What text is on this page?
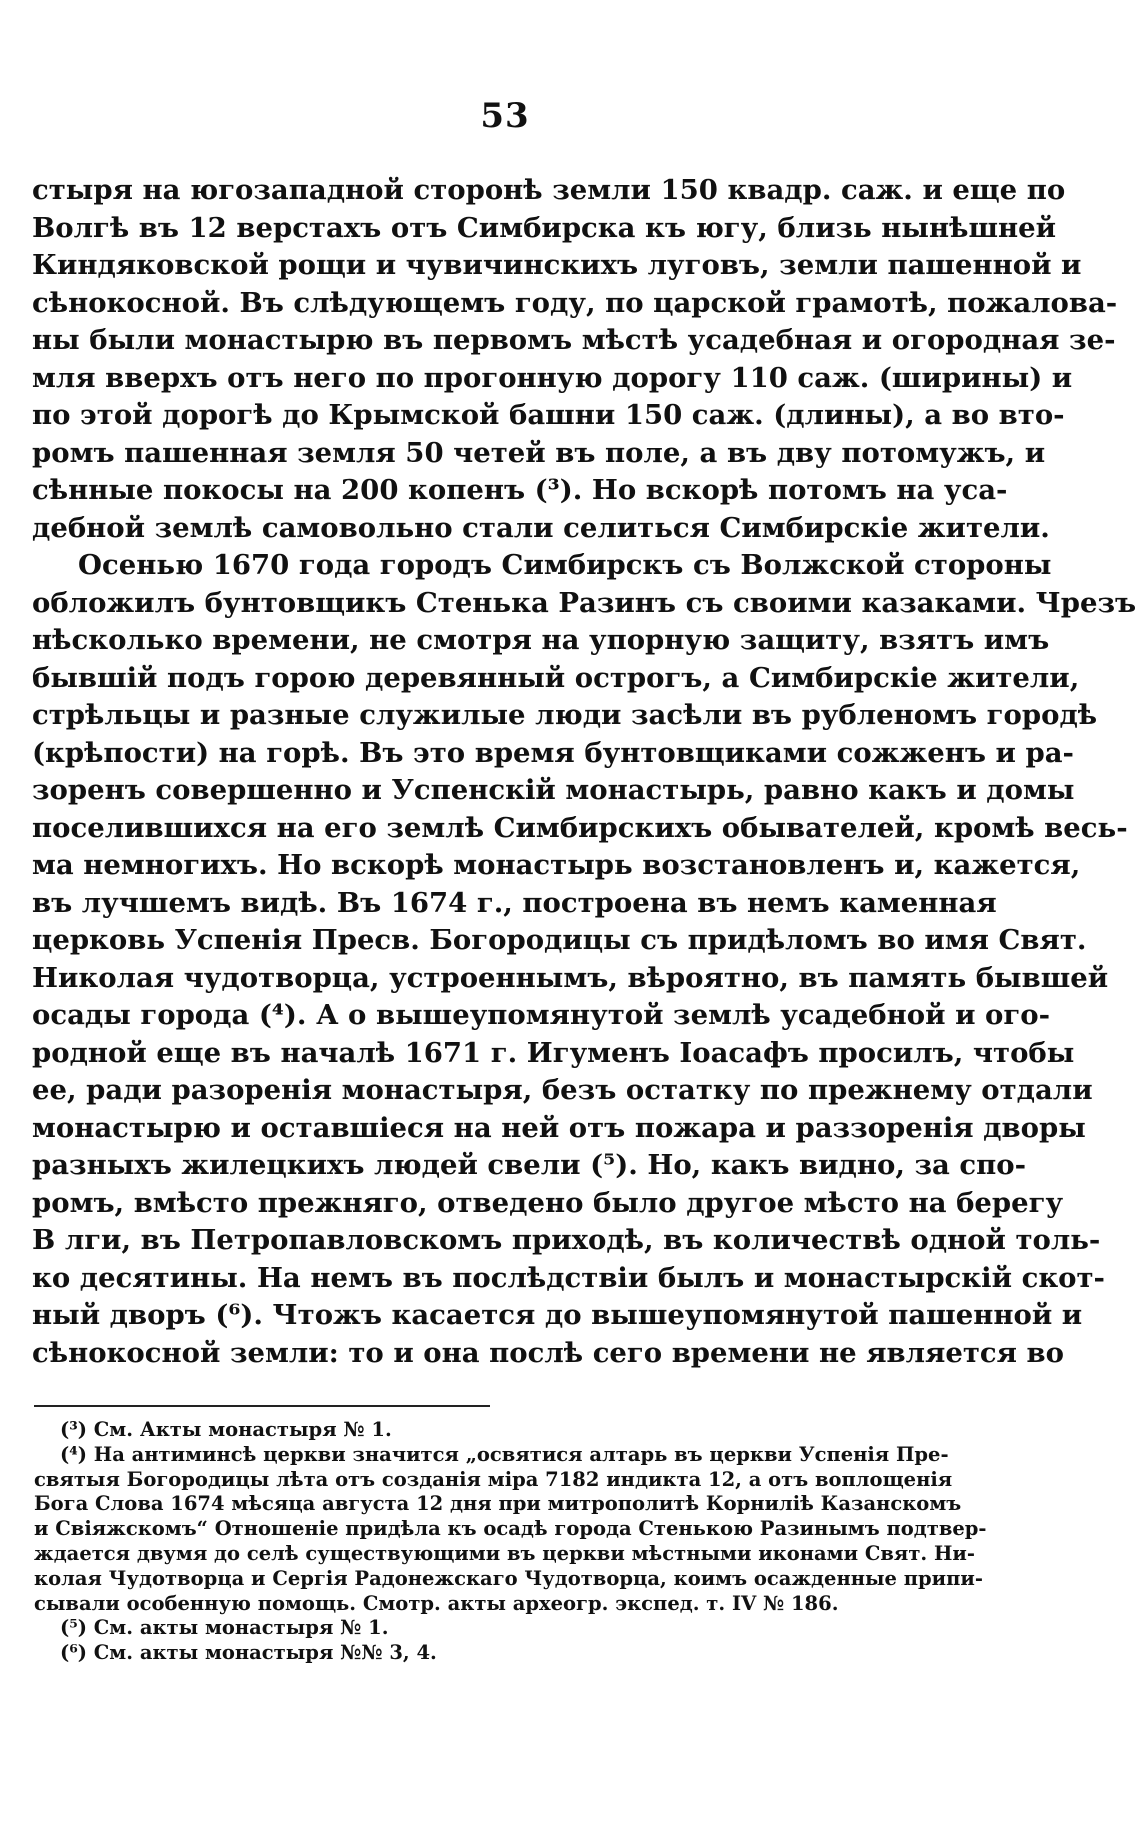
53
стыря на югозападной сторонѣ земли 150 квадр. саж. и еще по
Волгѣ въ 12 верстахъ отъ Симбирска къ югу, близь нынѣшней
Киндяковской рощи и чувичинскихъ луговъ, земли пашенной и
сѣнокосной. Въ слѣдующемъ году, по царской грамотѣ, пожалова-
ны были монастырю въ первомъ мѣстѣ усадебная и огородная зе-
мля вверхъ отъ него по прогонную дорогу 110 саж. (ширины) и
по этой дорогѣ до Крымской башни 150 саж. (длины), а во вто-
ромъ пашенная земля 50 четей въ поле, а въ дву потомужъ, и
сѣнные покосы на 200 копенъ (³). Но вскорѣ потомъ на уса-
дебной землѣ самовольно стали селиться Симбирскіе жители.
Осенью 1670 года городъ Симбирскъ съ Волжской стороны
обложилъ бунтовщикъ Стенька Разинъ съ своими казаками. Чрезъ
нѣсколько времени, не смотря на упорную защиту, взятъ имъ
бывшій подъ горою деревянный острогъ, а Симбирскіе жители,
стрѣльцы и разные служилые люди засѣли въ рубленомъ городѣ
(крѣпости) на горѣ. Въ это время бунтовщиками сожженъ и ра-
зоренъ совершенно и Успенскій монастырь, равно какъ и домы
поселившихся на его землѣ Симбирскихъ обывателей, кромѣ весь-
ма немногихъ. Но вскорѣ монастырь возстановленъ и, кажется,
въ лучшемъ видѣ. Въ 1674 г., построена въ немъ каменная
церковь Успенія Пресв. Богородицы съ придѣломъ во имя Свят.
Николая чудотворца, устроеннымъ, вѣроятно, въ память бывшей
осады города (⁴). А о вышеупомянутой землѣ усадебной и ого-
родной еще въ началѣ 1671 г. Игуменъ Іоасафъ просилъ, чтобы
ее, ради разоренія монастыря, безъ остатку по прежнему отдали
монастырю и оставшіеся на ней отъ пожара и раззоренія дворы
разныхъ жилецкихъ людей свели (⁵). Но, какъ видно, за спо-
ромъ, вмѣсто прежняго, отведено было другое мѣсто на берегу
В лги, въ Петропавловскомъ приходѣ, въ количествѣ одной толь-
ко десятины. На немъ въ послѣдствіи былъ и монастырскій скот-
ный дворъ (⁶). Чтожъ касается до вышеупомянутой пашенной и
сѣнокосной земли: то и она послѣ сего времени не является во
(³) См. Акты монастыря № 1.
(⁴) На антиминсѣ церкви значится „освятися алтарь въ церкви Успенія Пре-
святыя Богородицы лѣта отъ созданія міра 7182 индикта 12, а отъ воплощенія
Бога Слова 1674 мѣсяца августа 12 дня при митрополитѣ Корниліѣ Казанскомъ
и Свіяжскомъ“ Отношеніе придѣла къ осадѣ города Стенькою Разинымъ подтвер-
ждается двумя до селѣ существующими въ церкви мѣстными иконами Свят. Ни-
колая Чудотворца и Сергія Радонежскаго Чудотворца, коимъ осажденные припи-
сывали особенную помощь. Смотр. акты археогр. экспед. т. IV № 186.
(⁵) См. акты монастыря № 1.
(⁶) См. акты монастыря №№ 3, 4.
